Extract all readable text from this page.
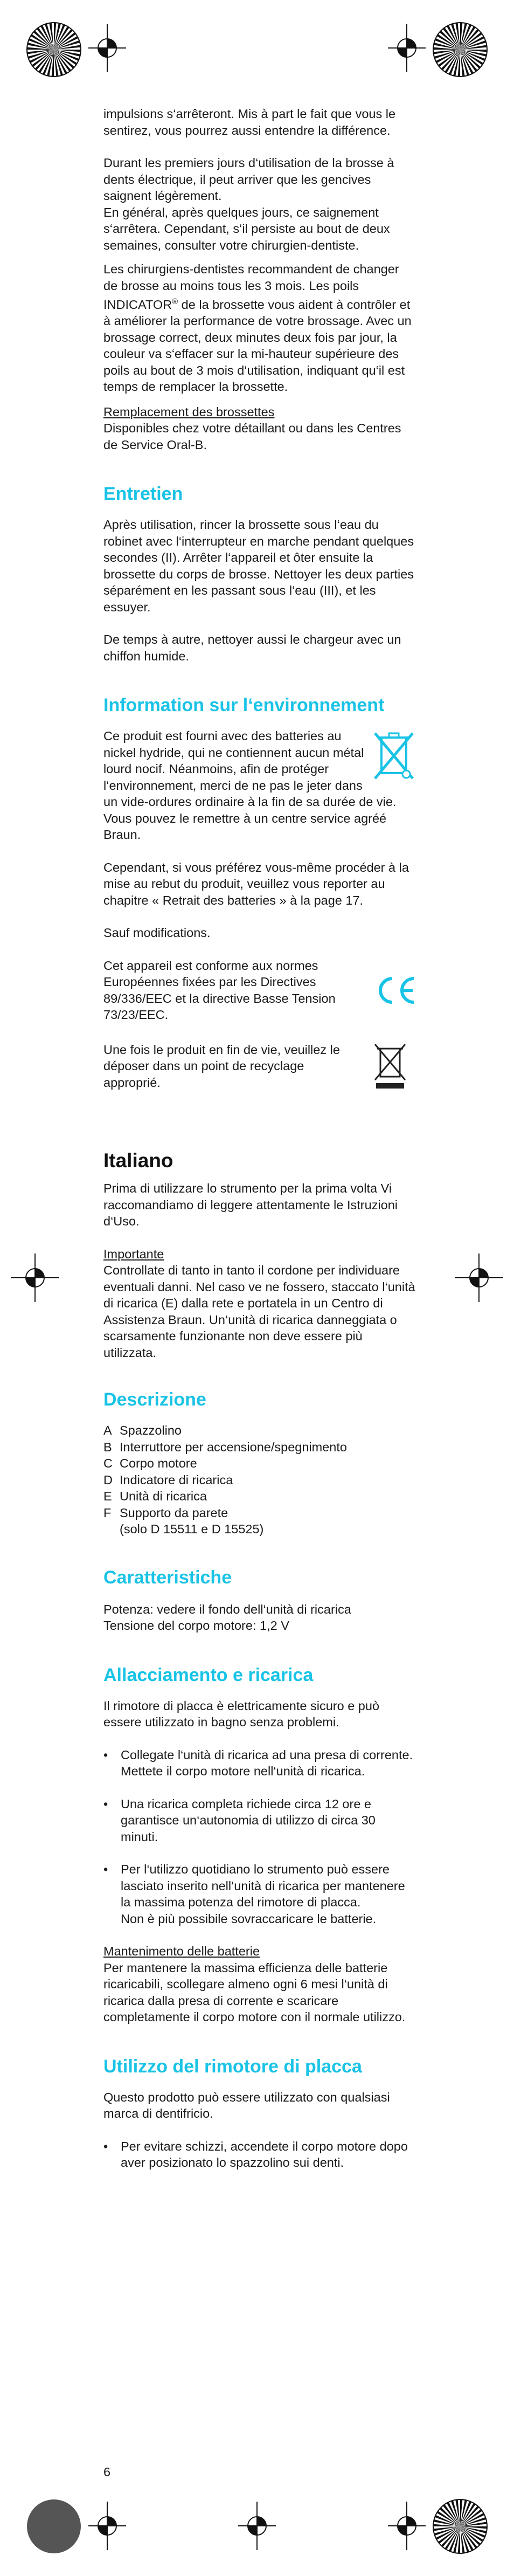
impulsions s‘arrêteront. Mis à part le fait que vous le sentirez, vous pourrez aussi entendre la différence.

Durant les premiers jours d‘utilisation de la brosse à dents électrique, il peut arriver que les gencives saignent légèrement.

En général, après quelques jours, ce saignement s‘arrêtera. Cependant, s‘il persiste au bout de deux semaines, consulter votre chirurgien-dentiste.

Les chirurgiens-dentistes recommandent de changer de brosse au moins tous les 3 mois. Les poils INDICATOR® de la brossette vous aident à contrôler et à améliorer la performance de votre brossage. Avec un brossage correct, deux minutes deux fois par jour, la couleur va s‘effacer sur la mi-hauteur supérieure des poils au bout de 3 mois d‘utilisation, indiquant qu‘il est temps de remplacer la brossette.

Remplacement des brossettes

Disponibles chez votre détaillant ou dans les Centres de Service Oral-B.

Entretien

Après utilisation, rincer la brossette sous l‘eau du robinet avec l‘interrupteur en marche pendant quelques secondes (II). Arrêter l‘appareil et ôter ensuite la brossette du corps de brosse. Nettoyer les deux parties séparément en les passant sous l‘eau (III), et les essuyer.

De temps à autre, nettoyer aussi le chargeur avec un chiffon humide.

Information sur l‘environnement

Ce produit est fourni avec des batteries au nickel hydride, qui ne contiennent aucun métal lourd nocif. Néanmoins, afin de protéger l‘environnement, merci de ne pas le jeter dans un vide-ordures ordinaire à la fin de sa durée de vie. Vous pouvez le remettre à un centre service agréé Braun.

Cependant, si vous préférez vous-même procéder à la mise au rebut du produit, veuillez vous reporter au chapitre « Retrait des batteries » à la page 17.

Sauf modifications.

Cet appareil est conforme aux normes Européennes fixées par les Directives 89/336/EEC et la directive Basse Tension 73/23/EEC.

Une fois le produit en fin de vie, veuillez le déposer dans un point de recyclage approprié.

Italiano

Prima di utilizzare lo strumento per la prima volta Vi raccomandiamo di leggere attentamente le Istruzioni d‘Uso.

Importante

Controllate di tanto in tanto il cordone per individuare eventuali danni. Nel caso ve ne fossero, staccato l‘unità di ricarica (E) dalla rete e portatela in un Centro di Assistenza Braun. Un‘unità di ricarica danneggiata o scarsamente funzionante non deve essere più utilizzata.

Descrizione
A Spazzolino
B Interruttore per accensione/spegnimento
C Corpo motore
D Indicatore di ricarica
E Unità di ricarica
F Supporto da parete
(solo D 15511 e D 15525)
Caratteristiche

Potenza: vedere il fondo dell‘unità di ricarica

Tensione del corpo motore: 1,2 V

Allacciamento e ricarica

Il rimotore di placca è elettricamente sicuro e può essere utilizzato in bagno senza problemi.

• Collegate l‘unità di ricarica ad una presa di corrente. Mettete il corpo motore nell‘unità di ricarica.
• Una ricarica completa richiede circa 12 ore e garantisce un‘autonomia di utilizzo di circa 30 minuti.
• Per l‘utilizzo quotidiano lo strumento può essere lasciato inserito nell‘unità di ricarica per mantenere la massima potenza del rimotore di placca.
Non è più possibile sovraccaricare le batterie.

Mantenimento delle batterie

Per mantenere la massima efficienza delle batterie ricaricabili, scollegare almeno ogni 6 mesi l‘unità di ricarica dalla presa di corrente e scaricare completamente il corpo motore con il normale utilizzo.

Utilizzo del rimotore di placca

Questo prodotto può essere utilizzato con qualsiasi marca di dentifricio.

• Per evitare schizzi, accendete il corpo motore dopo aver posizionato lo spazzolino sui denti.
6
